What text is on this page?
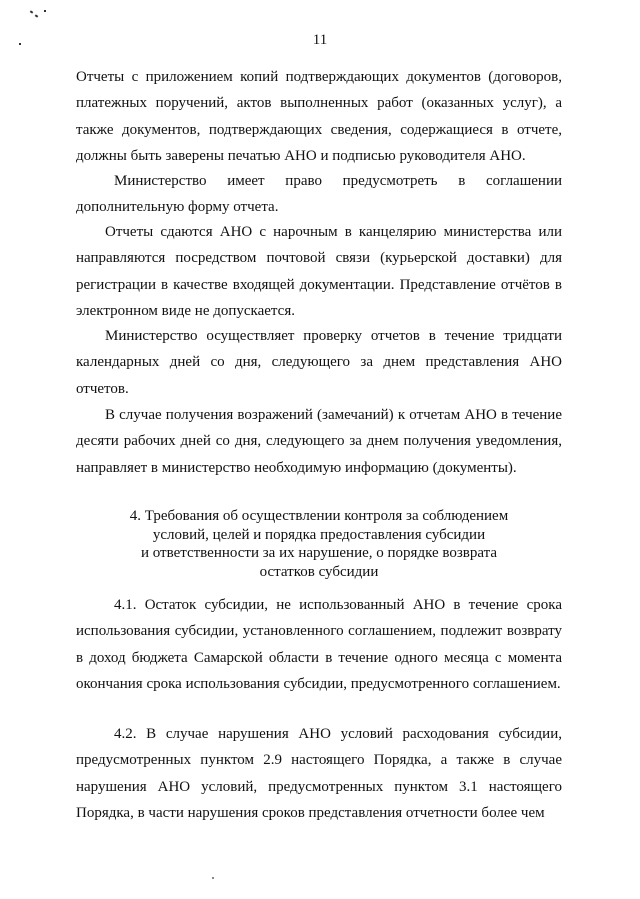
11
Отчеты с приложением копий подтверждающих документов (договоров, платежных поручений, актов выполненных работ (оказанных услуг), а также документов, подтверждающих сведения, содержащиеся в отчете, должны быть заверены печатью АНО и подписью руководителя АНО.
Министерство имеет право предусмотреть в соглашении
дополнительную форму отчета.
Отчеты сдаются АНО с нарочным в канцелярию министерства или направляются посредством почтовой связи (курьерской доставки) для регистрации в качестве входящей документации. Представление отчётов в электронном виде не допускается.
Министерство осуществляет проверку отчетов в течение тридцати календарных дней со дня, следующего за днем представления АНО отчетов.
В случае получения возражений (замечаний) к отчетам АНО в течение десяти рабочих дней со дня, следующего за днем получения уведомления, направляет в министерство необходимую информацию (документы).
4. Требования об осуществлении контроля за соблюдением
условий, целей и порядка предоставления субсидии
и ответственности за их нарушение, о порядке возврата
остатков субсидии
4.1. Остаток субсидии, не использованный АНО в течение срока использования субсидии, установленного соглашением, подлежит возврату в доход бюджета Самарской области в течение одного месяца с момента окончания срока использования субсидии, предусмотренного соглашением.
4.2. В случае нарушения АНО условий расходования субсидии, предусмотренных пунктом 2.9 настоящего Порядка, а также в случае нарушения АНО условий, предусмотренных пунктом 3.1 настоящего Порядка, в части нарушения сроков представления отчетности более чем
